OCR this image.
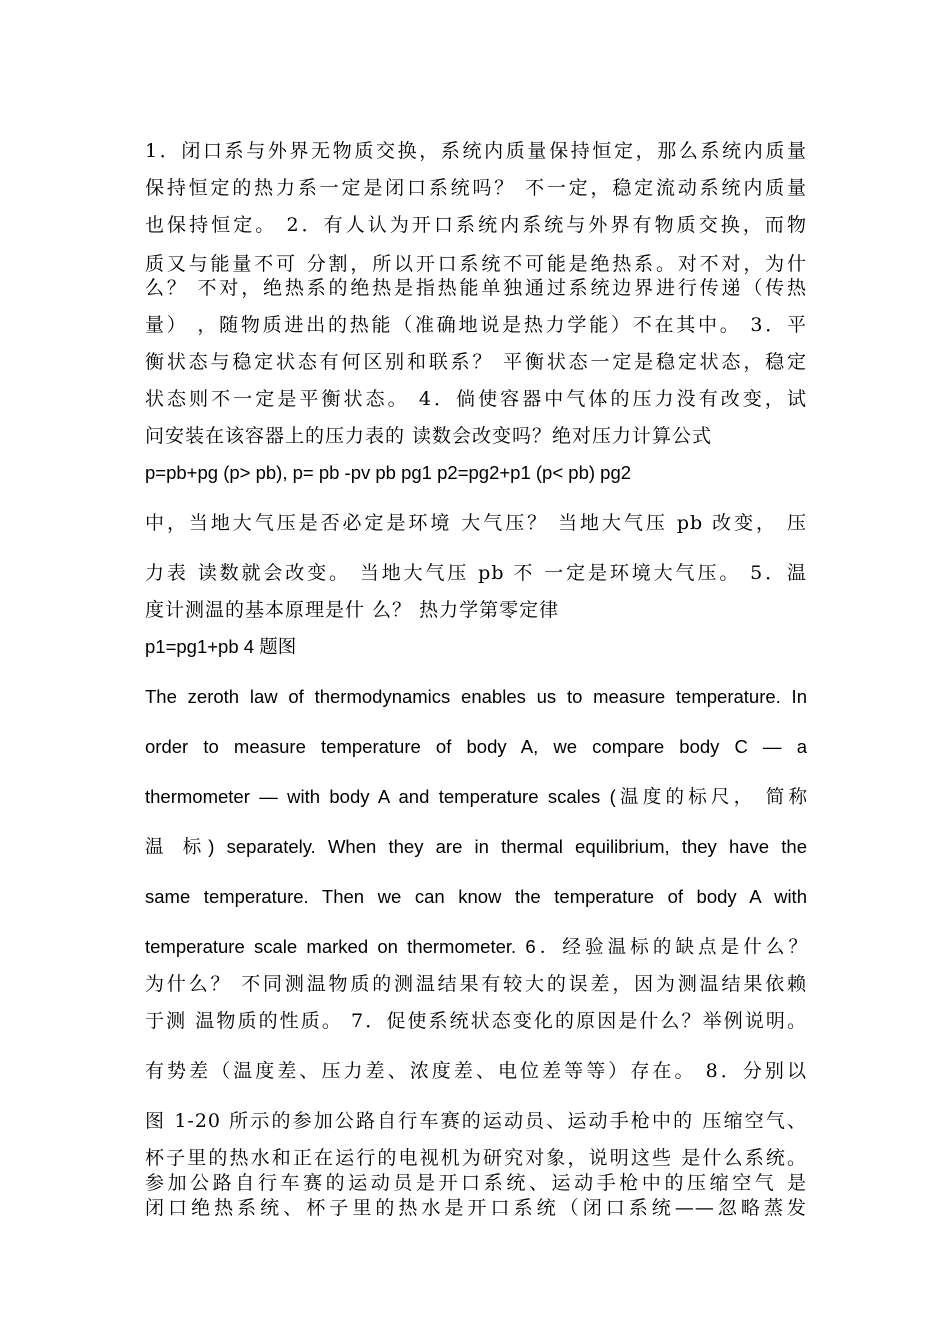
1．闭口系与外界无物质交换，系统内质量保持恒定，那么系统内质量
保持恒定的热力系一定是闭口系统吗？ 不一定，稳定流动系统内质量
也保持恒定。 2．有人认为开口系统内系统与外界有物质交换，而物
质又与能量不可 分割，所以开口系统不可能是绝热系。对不对，为什
么？ 不对，绝热系的绝热是指热能单独通过系统边界进行传递（传热
量） ，随物质进出的热能（准确地说是热力学能）不在其中。 3．平
衡状态与稳定状态有何区别和联系？ 平衡状态一定是稳定状态，稳定
状态则不一定是平衡状态。 4．倘使容器中气体的压力没有改变，试
问安装在该容器上的压力表的 读数会改变吗？绝对压力计算公式
p=pb+pg (p> pb), p= pb -pv pb pg1 p2=pg2+p1 (p< pb) pg2
中，当地大气压是否必定是环境 大气压？ 当地大气压 pb 改变， 压
力表 读数就会改变。 当地大气压 pb 不 一定是环境大气压。 5．温
度计测温的基本原理是什 么？ 热力学第零定律
p1=pg1+pb 4 题图
The zeroth law of thermodynamics enables us to measure temperature. In
order to measure temperature of body A, we compare body C — a
thermometer — with body A and temperature scales (温度的标尺， 简称
温 标) separately. When they are in thermal equilibrium, they have the
same temperature. Then we can know the temperature of body A with
temperature scale marked on thermometer. 6．经验温标的缺点是什么？
为什么？ 不同测温物质的测温结果有较大的误差，因为测温结果依赖
于测 温物质的性质。 7．促使系统状态变化的原因是什么？举例说明。
有势差（温度差、压力差、浓度差、电位差等等）存在。 8．分别以
图 1-20 所示的参加公路自行车赛的运动员、运动手枪中的 压缩空气、
杯子里的热水和正在运行的电视机为研究对象，说明这些 是什么系统。
参加公路自行车赛的运动员是开口系统、运动手枪中的压缩空气 是
闭口绝热系统、杯子里的热水是开口系统（闭口系统——忽略蒸发
